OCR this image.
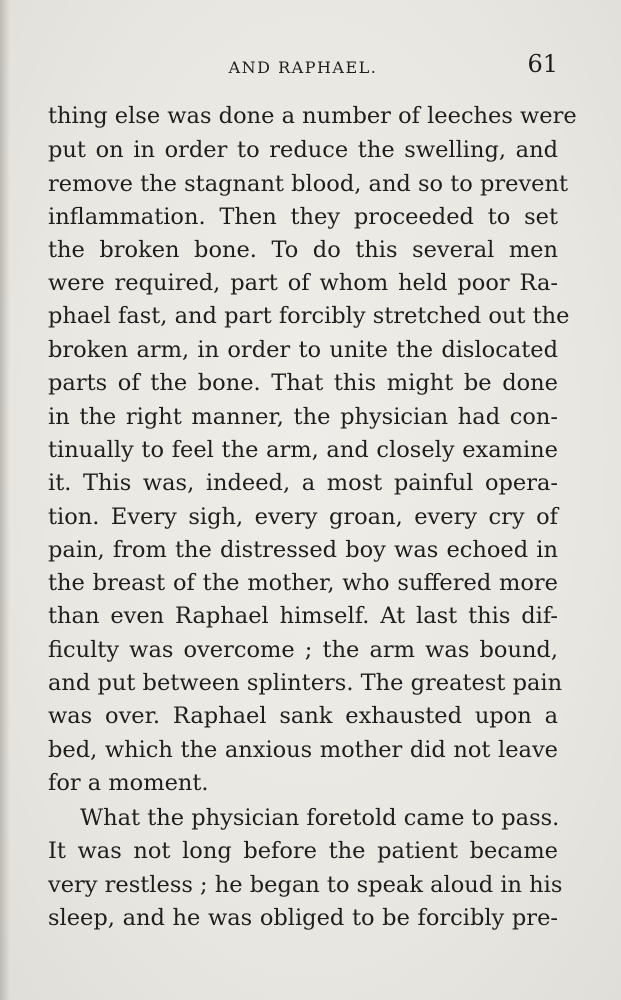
AND RAPHAEL.	61
thing else was done a number of leeches were
put on in order to reduce the swelling, and
remove the stagnant blood, and so to prevent
inflammation. Then they proceeded to set
the broken bone. To do this several men
were required, part of whom held poor Ra-
phael fast, and part forcibly stretched out the
broken arm, in order to unite the dislocated
parts of the bone. That this might be done
in the right manner, the physician had con-
tinually to feel the arm, and closely examine
it. This was, indeed, a most painful opera-
tion. Every sigh, every groan, every cry of
pain, from the distressed boy was echoed in
the breast of the mother, who suffered more
than even Raphael himself. At last this dif-
ficulty was overcome ; the arm was bound,
and put between splinters. The greatest pain
was over. Raphael sank exhausted upon a
bed, which the anxious mother did not leave
for a moment.
What the physician foretold came to pass.
It was not long before the patient became
very restless ; he began to speak aloud in his
sleep, and he was obliged to be forcibly pre-
